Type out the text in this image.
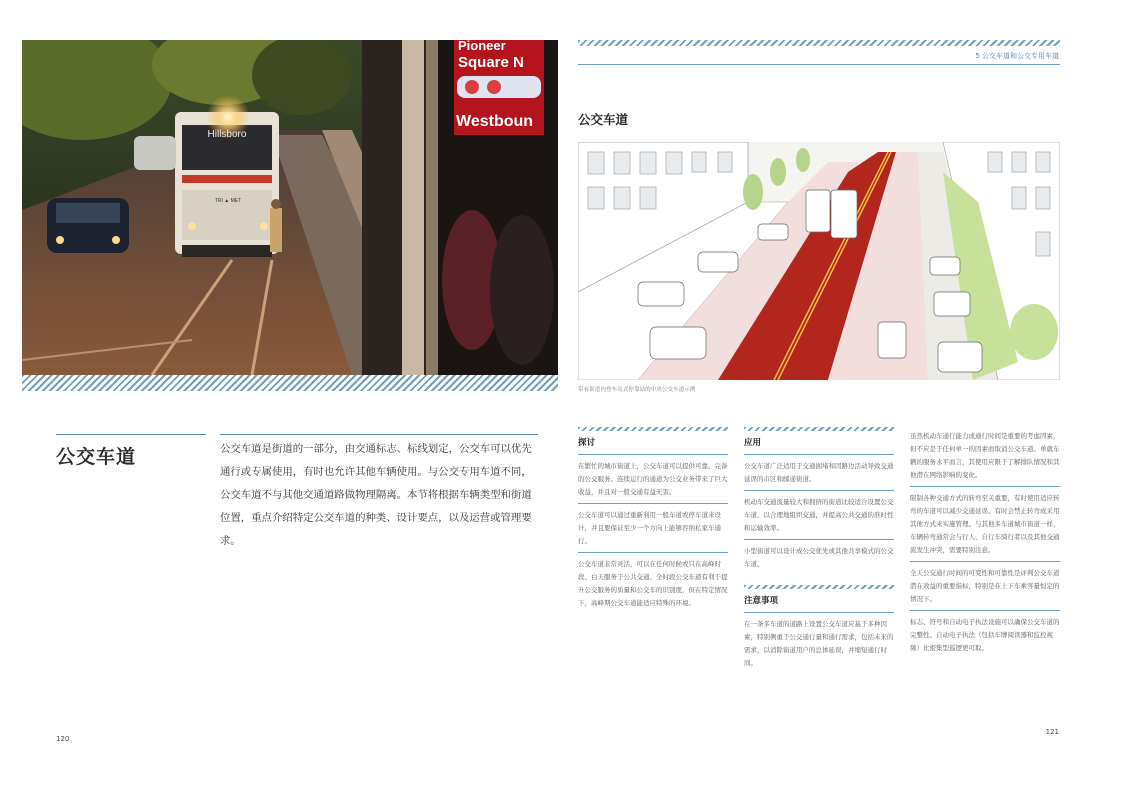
Hillsboro
TRI ▲ MET
Pioneer
Square N
Westboun
公交车道	公交车道是街道的一部分，由交通标志、标线划定，公交车可以优先通行或专属使用，有时也允许其他车辆使用。与公交专用车道不同，公交车道不与其他交通道路做物理隔离。本节将根据车辆类型和街道位置，重点介绍特定公交车道的种类、设计要点，以及运营或管理要求。
120
5 公交车道和公交专用车道
公交车道
带有街道内登车岛式停靠站的中央公交车道示例
探讨
在繁忙的城市街道上，公交车道可以提供可靠、完备的公交服务。连续运行的通道为公交业务带来了巨大收益，并且对一般交通有益无害。
公交车道可以通过重新利用一般车道或停车道来设计，并且要保证至少一个方向上能够容纳私家车通行。
公交车道非常灵活，可以在任何时候或只在高峰时段、白天服务于公共交通。全时段公交车道有利于提升公交服务的质量和公交车的识别度，但在特定情况下，高峰期公交车道能适应特殊的环境。
应用
公交车道广泛适用于交通拥堵和因路边活动导致交通延误的市区和邮递街道。
机动车交通流量较大和拥挤的街道比较适合设置公交车道，以合理地组织交通，并提高公共交通的准时性和运输效率。
小型街道可以设计成公交优先或其他共享模式的公交车道。
注意事项
在一条多车道的道路上设置公交车道应基于多种因素，特别侧重于公交通行量和通行需求，包括未来的需求，以消除街道用户的总体延误，并缩短通行时间。
虽然机动车通行能力或通行时间是重要的考虑因素，但不应是于任何单一的因素而取消公交车道。单就车辆的服务水平而言，其使用应限于了解排队情况和其他潜在网络影响的变化。
限制各种交通方式的转弯至关重要，有时使用适应转弯的车道可以减少交通延误。有时会禁止转弯或采用其他方式来实施管理。与其他多车道城市街道一样，车辆转弯通常会与行人、自行车骑行者以及其他交通流发生冲突，需要特别注意。
全天公交通行时间的可变性和可靠性是评判公交车道潜在效益的重要指标，特别是在上下车乘客量恒定的情况下。
标志、符号和自动电子执法设施可以确保公交车道的完整性。自动电子执法（包括车牌阅读器和监控视频）比密集型巡逻更可取。
121
